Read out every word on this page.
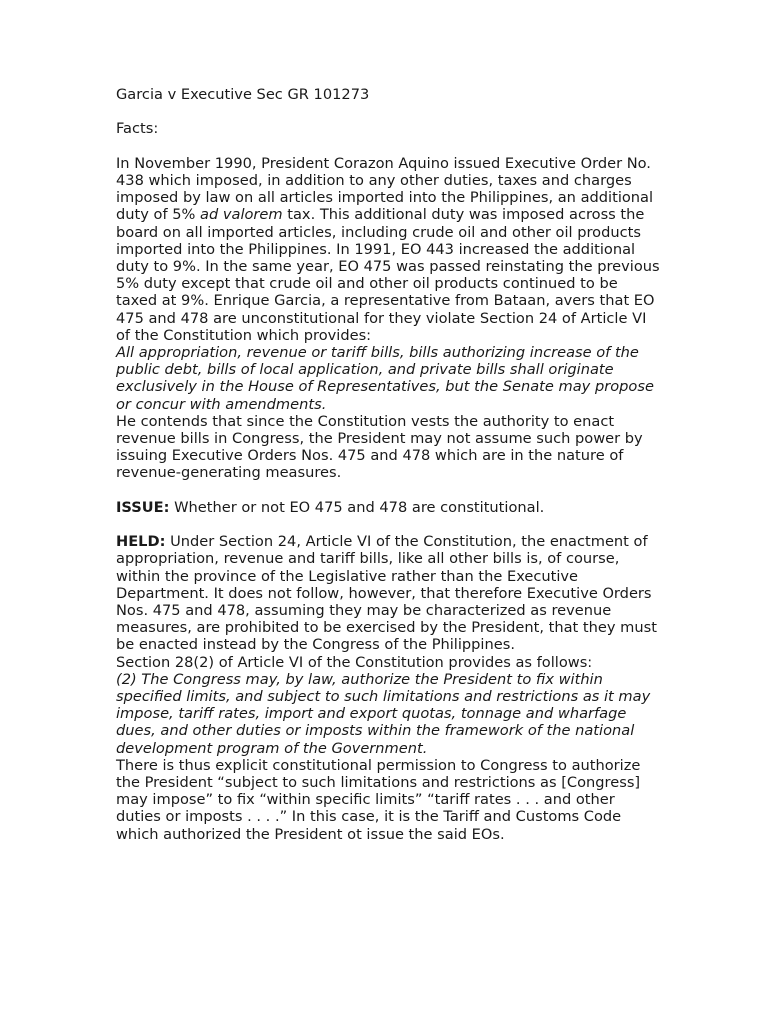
Garcia v Executive Sec GR 101273

Facts:

In November 1990, President Corazon Aquino issued Executive Order No. 438 which imposed, in addition to any other duties, taxes and charges imposed by law on all articles imported into the Philippines, an additional duty of 5% ad valorem tax. This additional duty was imposed across the board on all imported articles, including crude oil and other oil products imported into the Philippines. In 1991, EO 443 increased the additional duty to 9%. In the same year, EO 475 was passed reinstating the previous 5% duty except that crude oil and other oil products continued to be taxed at 9%. Enrique Garcia, a representative from Bataan, avers that EO 475 and 478 are unconstitutional for they violate Section 24 of Article VI of the Constitution which provides:

All appropriation, revenue or tariff bills, bills authorizing increase of the public debt, bills of local application, and private bills shall originate exclusively in the House of Representatives, but the Senate may propose or concur with amendments.

He contends that since the Constitution vests the authority to enact revenue bills in Congress, the President may not assume such power by issuing Executive Orders Nos. 475 and 478 which are in the nature of revenue-generating measures.

ISSUE: Whether or not EO 475 and 478 are constitutional.

HELD: Under Section 24, Article VI of the Constitution, the enactment of appropriation, revenue and tariff bills, like all other bills is, of course, within the province of the Legislative rather than the Executive Department. It does not follow, however, that therefore Executive Orders Nos. 475 and 478, assuming they may be characterized as revenue measures, are prohibited to be exercised by the President, that they must be enacted instead by the Congress of the Philippines.

Section 28(2) of Article VI of the Constitution provides as follows:

(2) The Congress may, by law, authorize the President to fix within specified limits, and subject to such limitations and restrictions as it may impose, tariff rates, import and export quotas, tonnage and wharfage dues, and other duties or imposts within the framework of the national development program of the Government.

There is thus explicit constitutional permission to Congress to authorize the President “subject to such limitations and restrictions as [Congress] may impose” to fix “within specific limits” “tariff rates . . . and other duties or imposts . . . .” In this case, it is the Tariff and Customs Code which authorized the President ot issue the said EOs.
